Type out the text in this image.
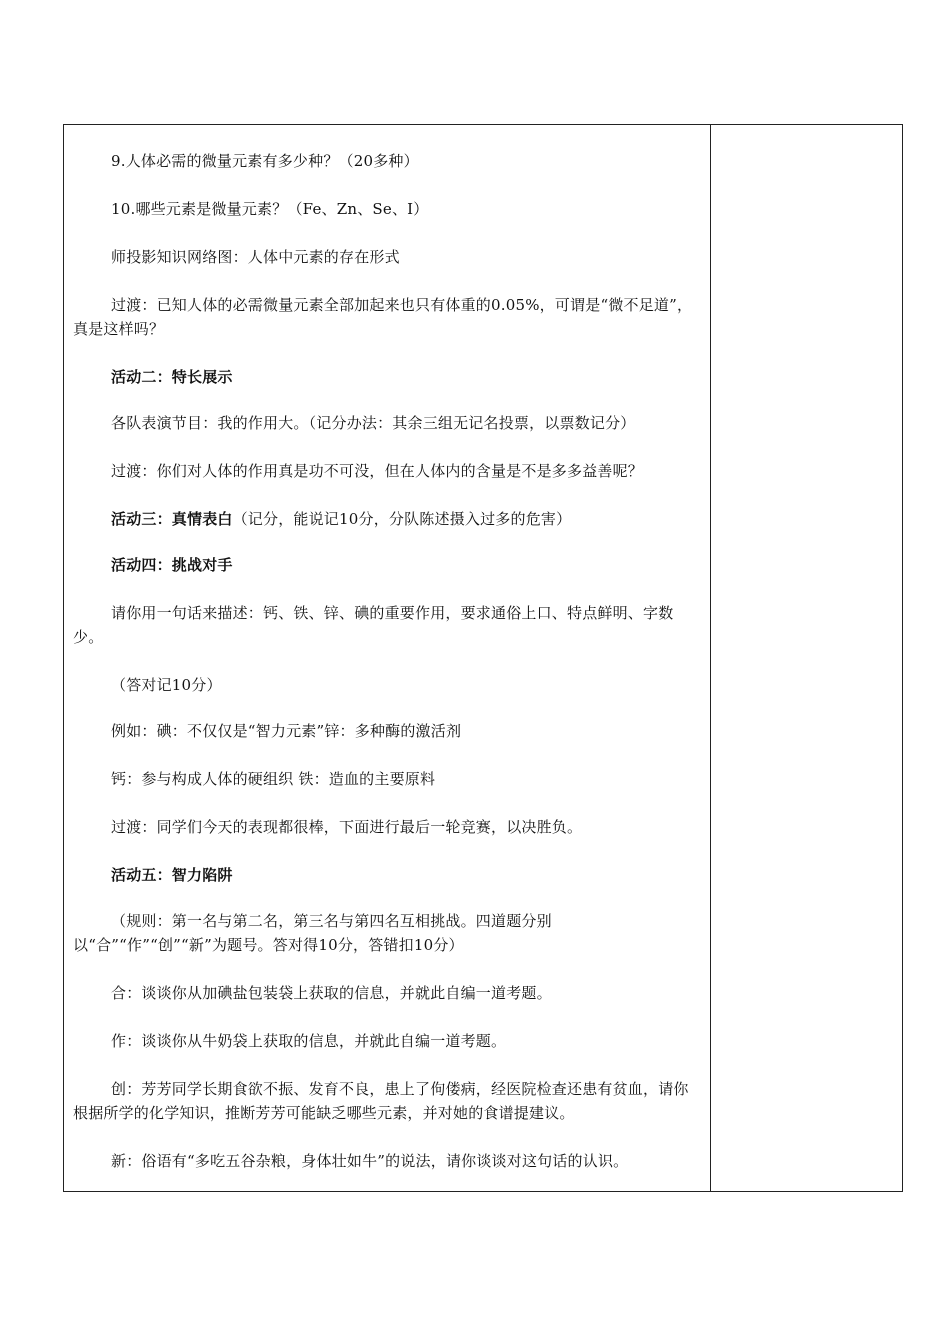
9.人体必需的微量元素有多少种？（20多种）
10.哪些元素是微量元素？（Fe、Zn、Se、I）
师投影知识网络图：人体中元素的存在形式
过渡：已知人体的必需微量元素全部加起来也只有体重的0.05%，可谓是“微不足道”，真是这样吗？
活动二：特长展示
各队表演节目：我的作用大。（记分办法：其余三组无记名投票，以票数记分）
过渡：你们对人体的作用真是功不可没，但在人体内的含量是不是多多益善呢？
活动三：真情表白（记分，能说记10分，分队陈述摄入过多的危害）
活动四：挑战对手
请你用一句话来描述：钙、铁、锌、碘的重要作用，要求通俗上口、特点鲜明、字数少。
（答对记10分）
例如：碘：不仅仅是“智力元素”锌：多种酶的激活剂
钙：参与构成人体的硬组织 铁：造血的主要原料
过渡：同学们今天的表现都很棒，下面进行最后一轮竞赛，以决胜负。
活动五：智力陷阱
（规则：第一名与第二名，第三名与第四名互相挑战。四道题分别以“合”“作”“创”“新”为题号。答对得10分，答错扣10分）
合：谈谈你从加碘盐包装袋上获取的信息，并就此自编一道考题。
作：谈谈你从牛奶袋上获取的信息，并就此自编一道考题。
创：芳芳同学长期食欲不振、发育不良，患上了佝偻病，经医院检查还患有贫血，请你根据所学的化学知识，推断芳芳可能缺乏哪些元素，并对她的食谱提建议。
新：俗语有“多吃五谷杂粮，身体壮如牛”的说法，请你谈谈对这句话的认识。
